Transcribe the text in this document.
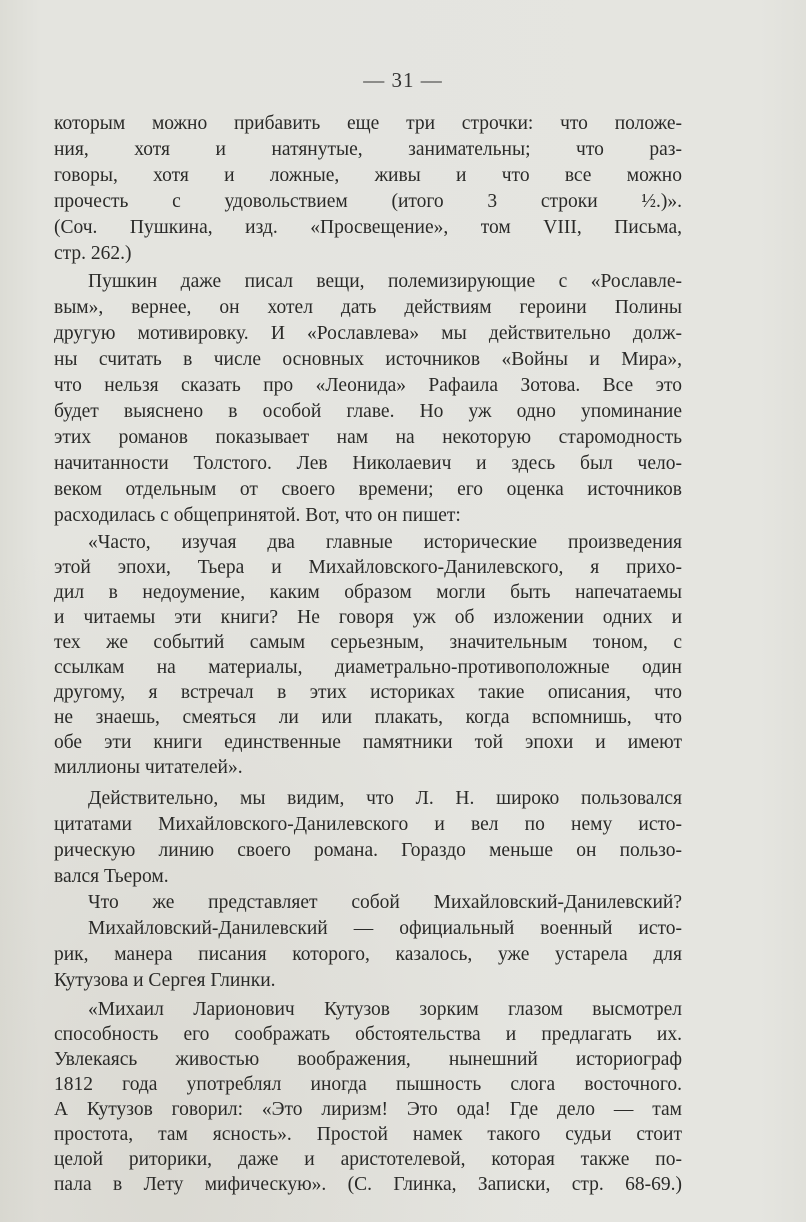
— 31 —
которым можно прибавить еще три строчки: что положе-
ния, хотя и натянутые, занимательны; что раз-
говоры, хотя и ложные, живы и что все можно
прочесть с удовольствием (итого 3 строки ½.)».
(Соч. Пушкина, изд. «Просвещение», том VIII, Письма,
стр. 262.)
Пушкин даже писал вещи, полемизирующие с «Рославле-
вым», вернее, он хотел дать действиям героини Полины
другую мотивировку. И «Рославлева» мы действительно долж-
ны считать в числе основных источников «Войны и Мира»,
что нельзя сказать про «Леонида» Рафаила Зотова. Все это
будет выяснено в особой главе. Но уж одно упоминание
этих романов показывает нам на некоторую старомодность
начитанности Толстого. Лев Николаевич и здесь был чело-
веком отдельным от своего времени; его оценка источников
расходилась с общепринятой. Вот, что он пишет:
«Часто, изучая два главные исторические произведения
этой эпохи, Тьера и Михайловского-Данилевского, я прихо-
дил в недоумение, каким образом могли быть напечатаемы
и читаемы эти книги? Не говоря уж об изложении одних и
тех же событий самым серьезным, значительным тоном, с
ссылкам на материалы, диаметрально-противоположные один
другому, я встречал в этих историках такие описания, что
не знаешь, смеяться ли или плакать, когда вспомнишь, что
обе эти книги единственные памятники той эпохи и имеют
миллионы читателей».
Действительно, мы видим, что Л. Н. широко пользовался
цитатами Михайловского-Данилевского и вел по нему исто-
рическую линию своего романа. Гораздо меньше он пользо-
вался Тьером.
Что же представляет собой Михайловский-Данилевский?
Михайловский-Данилевский — официальный военный исто-
рик, манера писания которого, казалось, уже устарела для
Кутузова и Сергея Глинки.
«Михаил Ларионович Кутузов зорким глазом высмотрел
способность его соображать обстоятельства и предлагать их.
Увлекаясь живостью воображения, нынешний историограф
1812 года употреблял иногда пышность слога восточного.
А Кутузов говорил: «Это лиризм! Это ода! Где дело — там
простота, там ясность». Простой намек такого судьи стоит
целой риторики, даже и аристотелевой, которая также по-
пала в Лету мифическую». (С. Глинка, Записки, стр. 68-69.)
